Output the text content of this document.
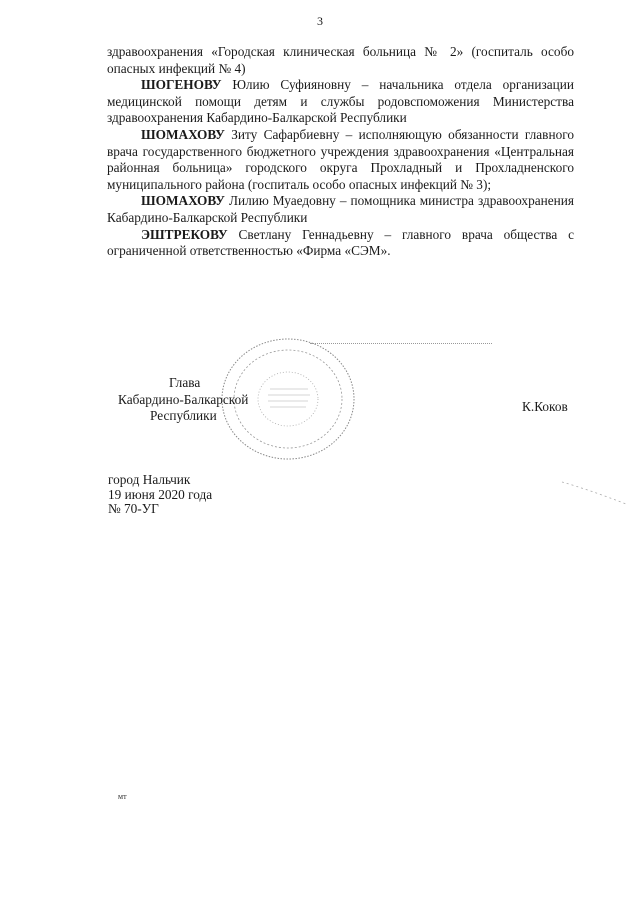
3

здравоохранения «Городская клиническая больница № 2» (госпиталь особо опасных инфекций № 4)

ШОГЕНОВУ Юлию Суфияновну – начальника отдела организации медицинской помощи детям и службы родовспоможения Министерства здравоохранения Кабардино-Балкарской Республики

ШОМАХОВУ Зиту Сафарбиевну – исполняющую обязанности главного врача государственного бюджетного учреждения здравоохранения «Центральная районная больница» городского округа Прохладный и Прохладненского муниципального района (госпиталь особо опасных инфекций № 3);

ШОМАХОВУ Лилию Муаедовну – помощника министра здравоохранения Кабардино-Балкарской Республики

ЭШТРЕКОВУ Светлану Геннадьевну – главного врача общества с ограниченной ответственностью «Фирма «СЭМ».

Глава
Кабардино-Балкарской
Республики
К.Коков
город Нальчик
19 июня 2020 года
№ 70-УГ
мт
